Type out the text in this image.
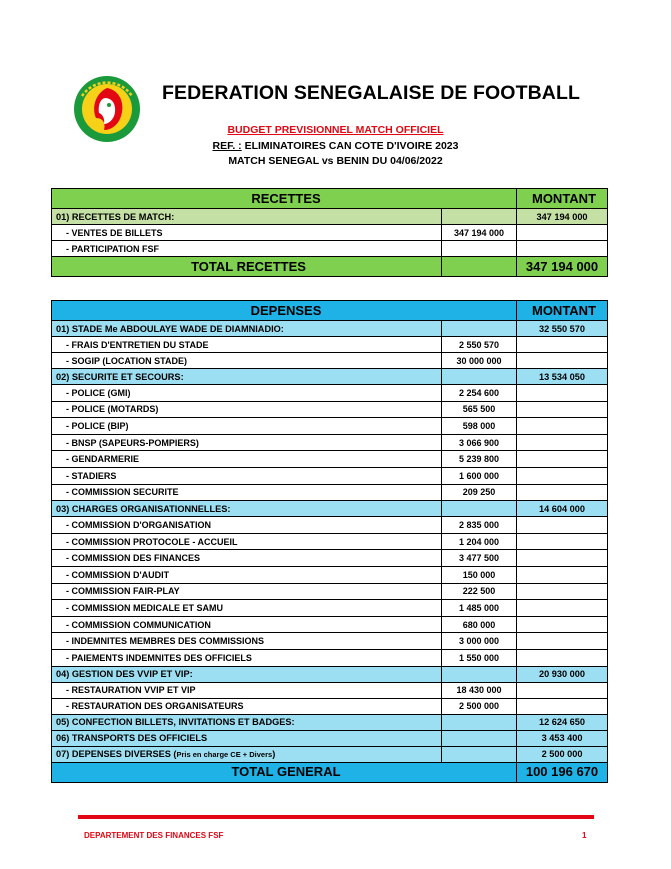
FEDERATION SENEGALAISE DE FOOTBALL
BUDGET PREVISIONNEL MATCH OFFICIEL
REF. : ELIMINATOIRES CAN COTE D'IVOIRE 2023
MATCH SENEGAL vs BENIN DU 04/06/2022
RECETTES		MONTANT
01) RECETTES DE MATCH:		347 194 000
- VENTES DE BILLETS	347 194 000	
- PARTICIPATION FSF		
TOTAL RECETTES		347 194 000
DEPENSES		MONTANT
01) STADE Me ABDOULAYE WADE DE DIAMNIADIO:		32 550 570
- FRAIS D'ENTRETIEN DU STADE	2 550 570	
- SOGIP (LOCATION STADE)	30 000 000	
02) SECURITE ET SECOURS:		13 534 050
- POLICE (GMI)	2 254 600	
- POLICE (MOTARDS)	565 500	
- POLICE (BIP)	598 000	
- BNSP (SAPEURS-POMPIERS)	3 066 900	
- GENDARMERIE	5 239 800	
- STADIERS	1 600 000	
- COMMISSION SECURITE	209 250	
03) CHARGES ORGANISATIONNELLES:		14 604 000
- COMMISSION D'ORGANISATION	2 835 000	
- COMMISSION PROTOCOLE - ACCUEIL	1 204 000	
- COMMISSION DES FINANCES	3 477 500	
- COMMISSION D'AUDIT	150 000	
- COMMISSION FAIR-PLAY	222 500	
- COMMISSION MEDICALE ET SAMU	1 485 000	
- COMMISSION COMMUNICATION	680 000	
- INDEMNITES MEMBRES DES COMMISSIONS	3 000 000	
- PAIEMENTS INDEMNITES DES OFFICIELS	1 550 000	
04) GESTION DES VVIP ET VIP:		20 930 000
- RESTAURATION VVIP ET VIP	18 430 000	
- RESTAURATION DES ORGANISATEURS	2 500 000	
05) CONFECTION BILLETS, INVITATIONS ET BADGES:		12 624 650
06) TRANSPORTS DES OFFICIELS		3 453 400
07) DEPENSES DIVERSES (Pris en charge CE + Divers)		2 500 000
TOTAL GENERAL		100 196 670
DEPARTEMENT DES FINANCES FSF	1
